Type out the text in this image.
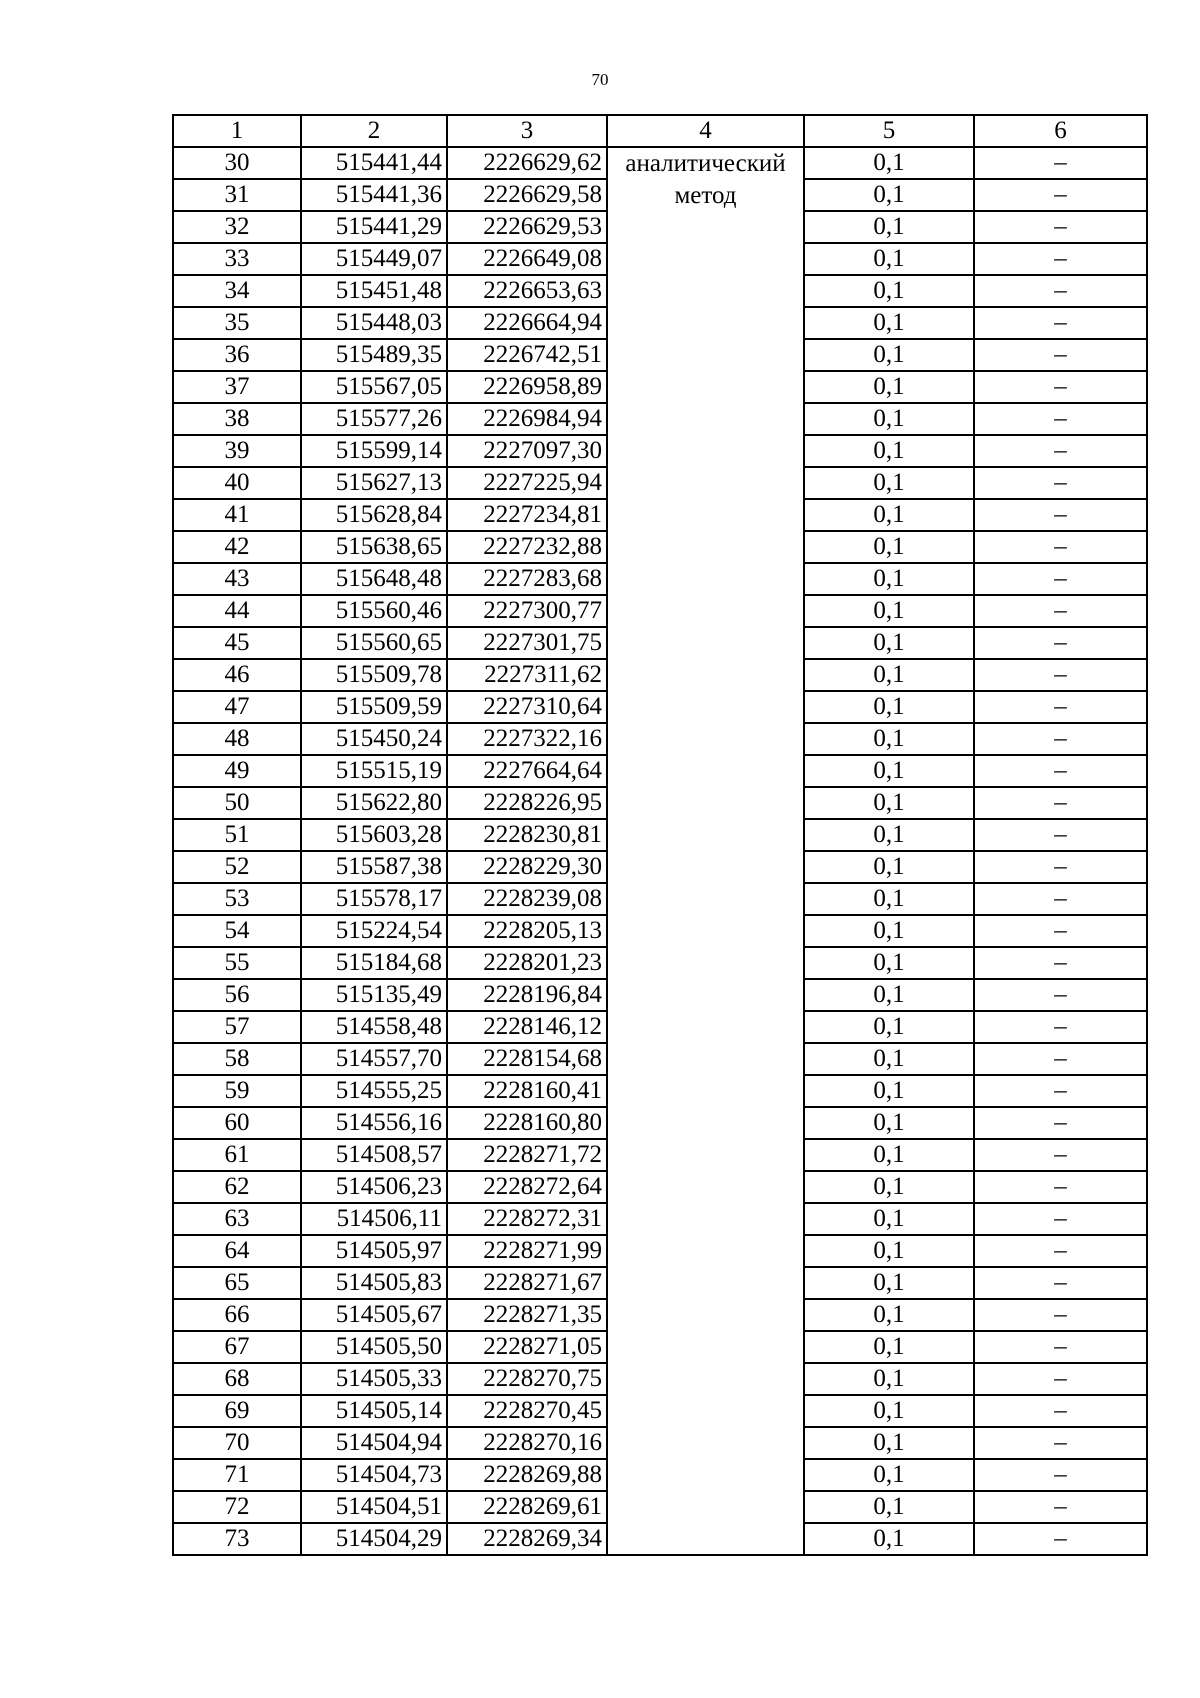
70
1	2	3	4	5	6
30	515441,44	2226629,62	аналитический метод	0,1	–
31	515441,36	2226629,58		0,1	–
32	515441,29	2226629,53		0,1	–
33	515449,07	2226649,08		0,1	–
34	515451,48	2226653,63		0,1	–
35	515448,03	2226664,94		0,1	–
36	515489,35	2226742,51		0,1	–
37	515567,05	2226958,89		0,1	–
38	515577,26	2226984,94		0,1	–
39	515599,14	2227097,30		0,1	–
40	515627,13	2227225,94		0,1	–
41	515628,84	2227234,81		0,1	–
42	515638,65	2227232,88		0,1	–
43	515648,48	2227283,68		0,1	–
44	515560,46	2227300,77		0,1	–
45	515560,65	2227301,75		0,1	–
46	515509,78	2227311,62		0,1	–
47	515509,59	2227310,64		0,1	–
48	515450,24	2227322,16		0,1	–
49	515515,19	2227664,64		0,1	–
50	515622,80	2228226,95		0,1	–
51	515603,28	2228230,81		0,1	–
52	515587,38	2228229,30		0,1	–
53	515578,17	2228239,08		0,1	–
54	515224,54	2228205,13		0,1	–
55	515184,68	2228201,23		0,1	–
56	515135,49	2228196,84		0,1	–
57	514558,48	2228146,12		0,1	–
58	514557,70	2228154,68		0,1	–
59	514555,25	2228160,41		0,1	–
60	514556,16	2228160,80		0,1	–
61	514508,57	2228271,72		0,1	–
62	514506,23	2228272,64		0,1	–
63	514506,11	2228272,31		0,1	–
64	514505,97	2228271,99		0,1	–
65	514505,83	2228271,67		0,1	–
66	514505,67	2228271,35		0,1	–
67	514505,50	2228271,05		0,1	–
68	514505,33	2228270,75		0,1	–
69	514505,14	2228270,45		0,1	–
70	514504,94	2228270,16		0,1	–
71	514504,73	2228269,88		0,1	–
72	514504,51	2228269,61		0,1	–
73	514504,29	2228269,34		0,1	–
